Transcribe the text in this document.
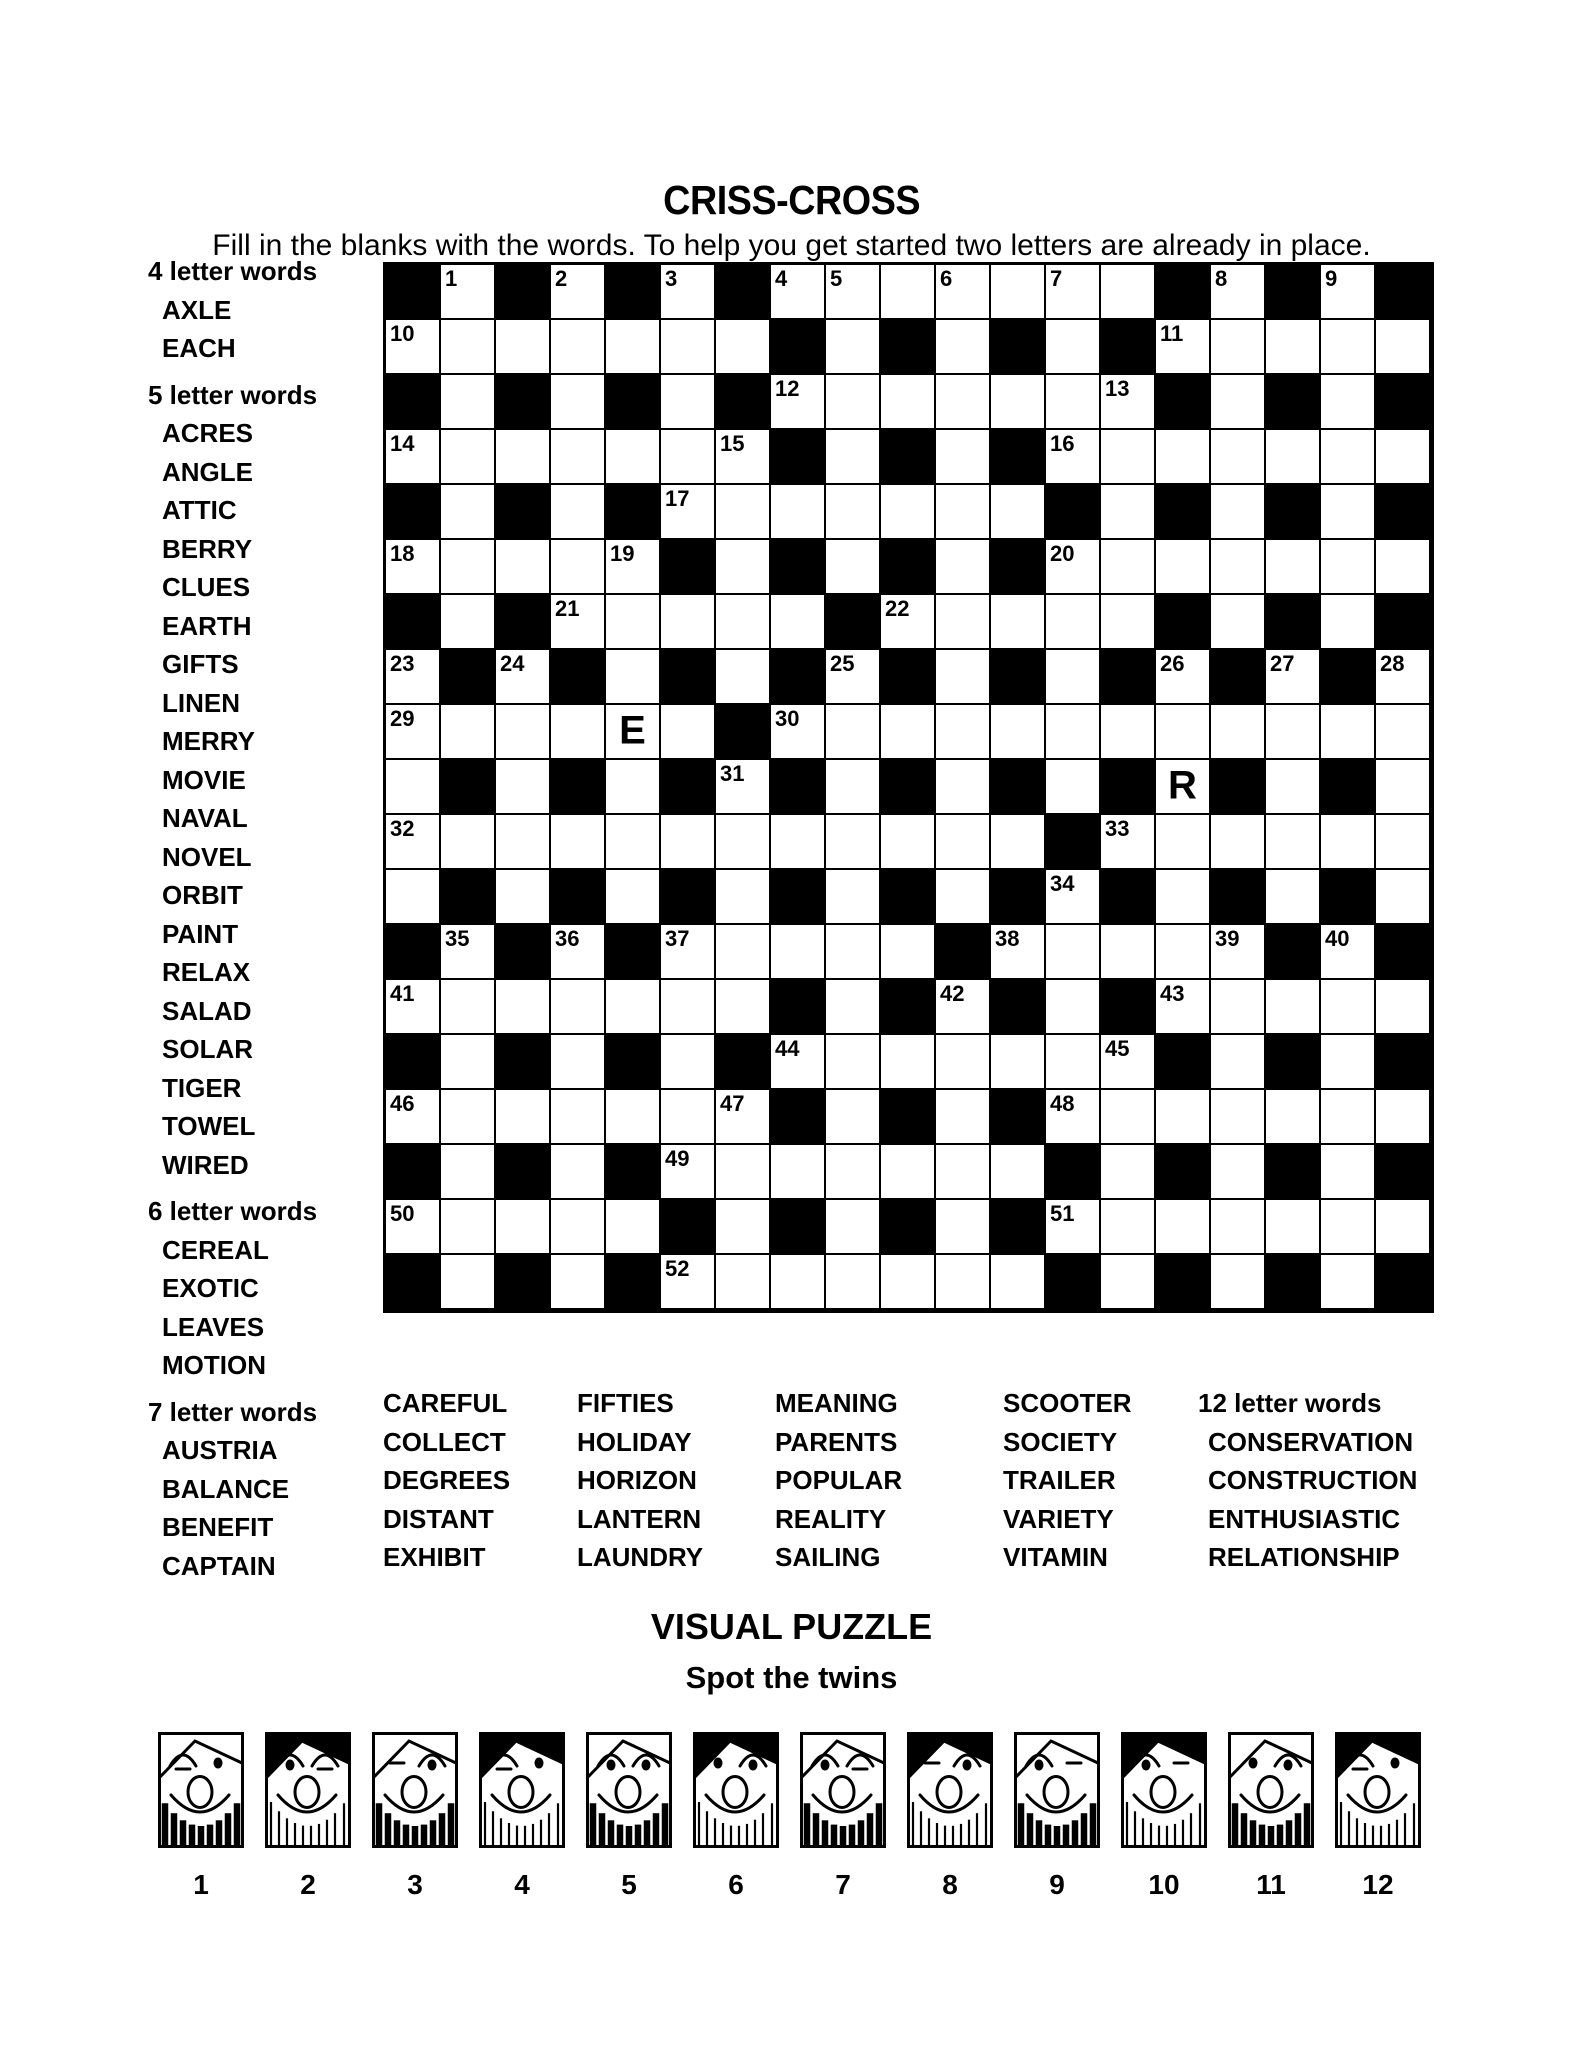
CRISS-CROSS

Fill in the blanks with the words. To help you get started two letters are already in place.

4 letter words
AXLE
EACH
5 letter words
ACRES
ANGLE
ATTIC
BERRY
CLUES
EARTH
GIFTS
LINEN
MERRY
MOVIE
NAVAL
NOVEL
ORBIT
PAINT
RELAX
SALAD
SOLAR
TIGER
TOWEL
WIRED
6 letter words
CEREAL
EXOTIC
LEAVES
MOTION
7 letter words
AUSTRIA
BALANCE
BENEFIT
CAPTAIN
1	2	3	4 5	6	7	8	9
10	11
12	13
14	15	16
17
18	19	20
21	22
23	24	25	26	27	28
29	E	30
31	R
32	33
34
35	36	37	38	39	40
41	42	43
44	45
46	47	48
49
50	51
52
CAREFUL
COLLECT
DEGREES
DISTANT
EXHIBIT
FIFTIES
HOLIDAY
HORIZON
LANTERN
LAUNDRY
MEANING
PARENTS
POPULAR
REALITY
SAILING
SCOOTER
SOCIETY
TRAILER
VARIETY
VITAMIN
12 letter words
CONSERVATION
CONSTRUCTION
ENTHUSIASTIC
RELATIONSHIP
VISUAL PUZZLE
Spot the twins
1	2	3	4	5	6	7	8	9	10	11	12
